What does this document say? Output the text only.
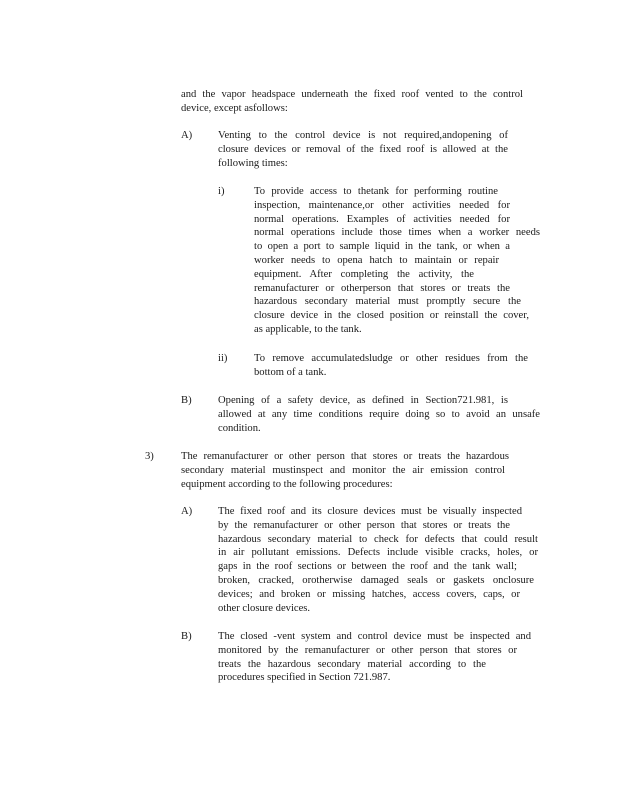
and the vapor headspace underneath the fixed roof vented to the control
device, except asfollows:
A) Venting to the control device is not required,andopening of
closure devices or removal of the fixed roof is allowed at the
following times:
i)	To provide access to thetank for performing routine
inspection, maintenance,or other activities needed for
normal operations. Examples of activities needed for
normal operations include those times when a worker needs
to open a port to sample liquid in the tank, or when a
worker needs to opena hatch to maintain or repair
equipment. After completing the activity, the
remanufacturer or otherperson that stores or treats the
hazardous secondary material must promptly secure the
closure device in the closed position or reinstall the cover,
as applicable, to the tank.
ii)	To remove accumulatedsludge or other residues from the
bottom of a tank.
B) Opening of a safety device, as defined in Section721.981, is
allowed at any time conditions require doing so to avoid an unsafe
condition.
3)	The remanufacturer or other person that stores or treats the hazardous
secondary material mustinspect and monitor the air emission control
equipment according to the following procedures:
A) The fixed roof and its closure devices must be visually inspected
by the remanufacturer or other person that stores or treats the
hazardous secondary material to check for defects that could result
in air pollutant emissions. Defects include visible cracks, holes, or
gaps in the roof sections or between the roof and the tank wall;
broken, cracked, orotherwise damaged seals or gaskets onclosure
devices; and broken or missing hatches, access covers, caps, or
other closure devices.
B) The closed -vent system and control device must be inspected and
monitored by the remanufacturer or other person that stores or
treats the hazardous secondary material according to the
procedures specified in Section 721.987.
